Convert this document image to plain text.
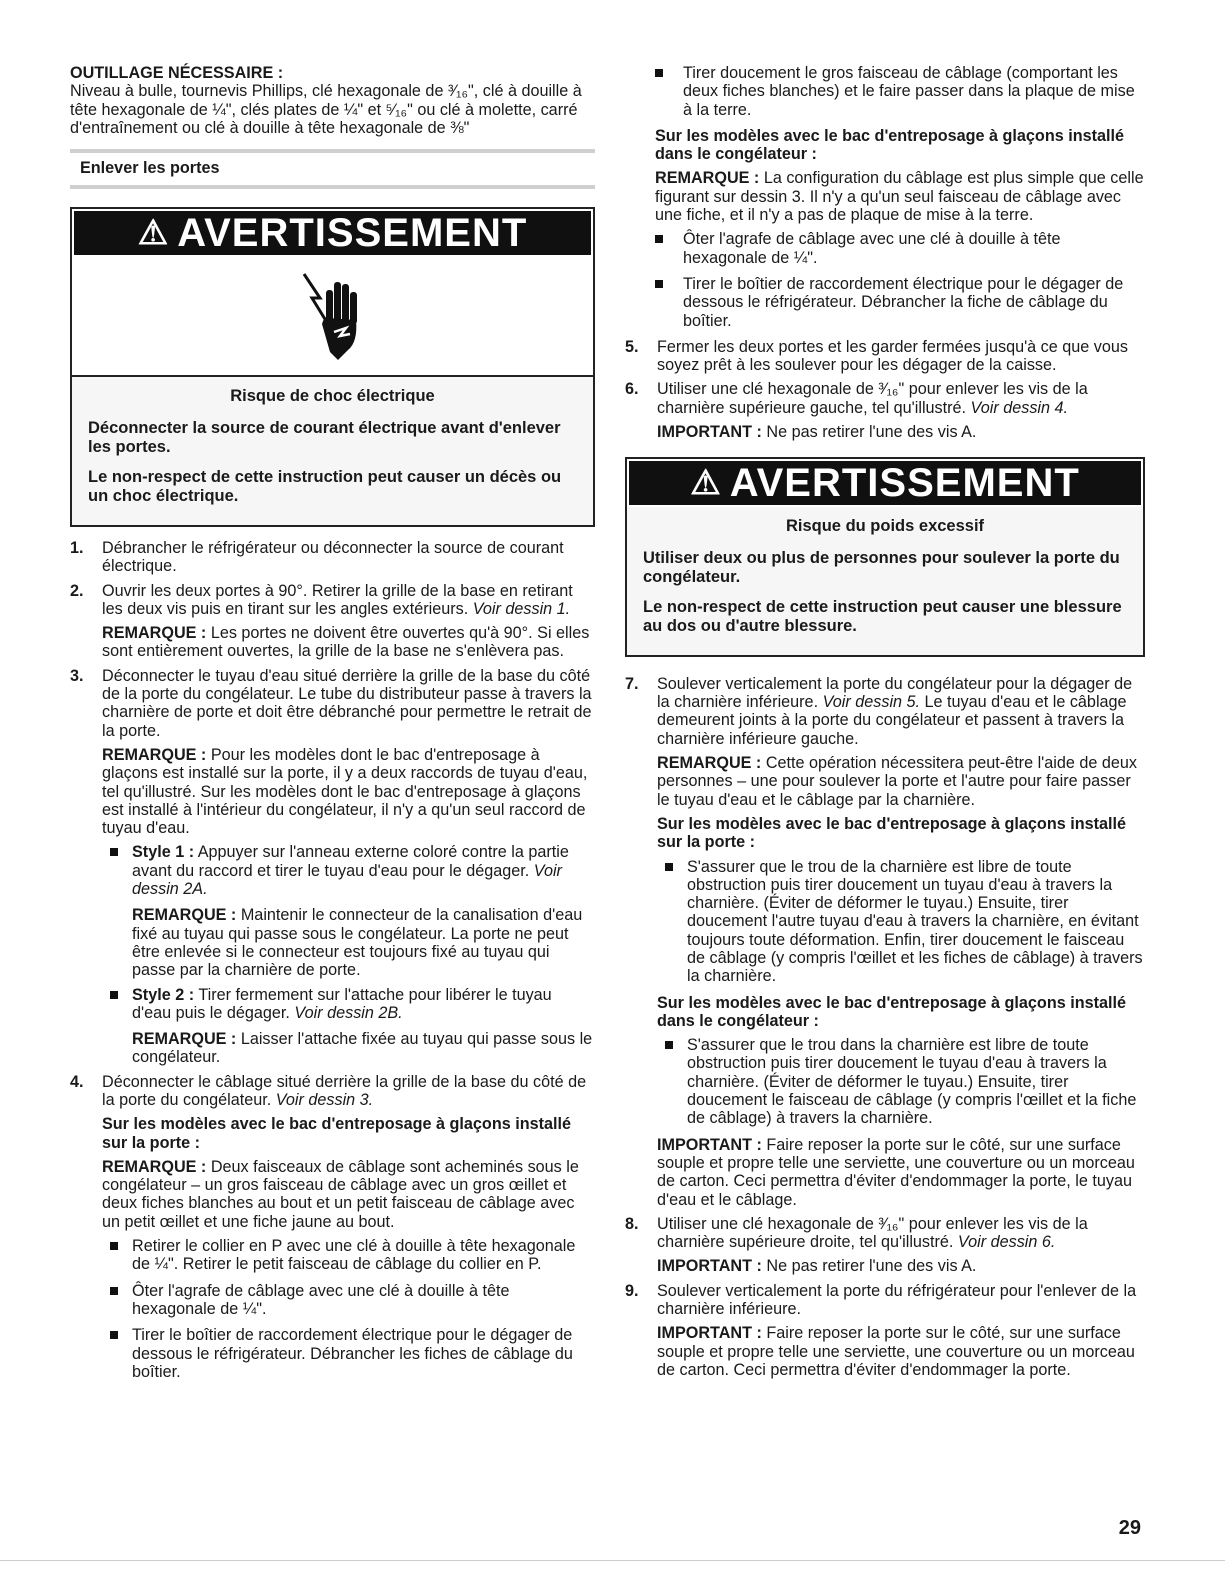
OUTILLAGE NÉCESSAIRE :

Niveau à bulle, tournevis Phillips, clé hexagonale de ³⁄₁₆", clé à douille à tête hexagonale de ¼", clés plates de ¼" et ⁵⁄₁₆" ou clé à molette, carré d'entraînement ou clé à douille à tête hexagonale de ⅜"

Enlever les portes
⚠ AVERTISSEMENT

Risque de choc électrique

Déconnecter la source de courant électrique avant d'enlever les portes.

Le non-respect de cette instruction peut causer un décès ou un choc électrique.

1. Débrancher le réfrigérateur ou déconnecter la source de courant électrique.
2. Ouvrir les deux portes à 90°. Retirer la grille de la base en retirant les deux vis puis en tirant sur les angles extérieurs. Voir dessin 1.
REMARQUE : Les portes ne doivent être ouvertes qu'à 90°. Si elles sont entièrement ouvertes, la grille de la base ne s'enlèvera pas.
3. Déconnecter le tuyau d'eau situé derrière la grille de la base du côté de la porte du congélateur. Le tube du distributeur passe à travers la charnière de porte et doit être débranché pour permettre le retrait de la porte.
REMARQUE : Pour les modèles dont le bac d'entreposage à glaçons est installé sur la porte, il y a deux raccords de tuyau d'eau, tel qu'illustré. Sur les modèles dont le bac d'entreposage à glaçons est installé à l'intérieur du congélateur, il n'y a qu'un seul raccord de tuyau d'eau.
Style 1 : Appuyer sur l'anneau externe coloré contre la partie avant du raccord et tirer le tuyau d'eau pour le dégager. Voir dessin 2A.
REMARQUE : Maintenir le connecteur de la canalisation d'eau fixé au tuyau qui passe sous le congélateur. La porte ne peut être enlevée si le connecteur est toujours fixé au tuyau qui passe par la charnière de porte.
Style 2 : Tirer fermement sur l'attache pour libérer le tuyau d'eau puis le dégager. Voir dessin 2B.
REMARQUE : Laisser l'attache fixée au tuyau qui passe sous le congélateur.
4. Déconnecter le câblage situé derrière la grille de la base du côté de la porte du congélateur. Voir dessin 3.
Sur les modèles avec le bac d'entreposage à glaçons installé sur la porte :
REMARQUE : Deux faisceaux de câblage sont acheminés sous le congélateur – un gros faisceau de câblage avec un gros œillet et deux fiches blanches au bout et un petit faisceau de câblage avec un petit œillet et une fiche jaune au bout.
Retirer le collier en P avec une clé à douille à tête hexagonale de ¼". Retirer le petit faisceau de câblage du collier en P.
Ôter l'agrafe de câblage avec une clé à douille à tête hexagonale de ¼".
Tirer le boîtier de raccordement électrique pour le dégager de dessous le réfrigérateur. Débrancher les fiches de câblage du boîtier.
Tirer doucement le gros faisceau de câblage (comportant les deux fiches blanches) et le faire passer dans la plaque de mise à la terre.
Sur les modèles avec le bac d'entreposage à glaçons installé dans le congélateur :
REMARQUE : La configuration du câblage est plus simple que celle figurant sur dessin 3. Il n'y a qu'un seul faisceau de câblage avec une fiche, et il n'y a pas de plaque de mise à la terre.
Ôter l'agrafe de câblage avec une clé à douille à tête hexagonale de ¼".
Tirer le boîtier de raccordement électrique pour le dégager de dessous le réfrigérateur. Débrancher la fiche de câblage du boîtier.
5. Fermer les deux portes et les garder fermées jusqu'à ce que vous soyez prêt à les soulever pour les dégager de la caisse.
6. Utiliser une clé hexagonale de ³⁄₁₆" pour enlever les vis de la charnière supérieure gauche, tel qu'illustré. Voir dessin 4.
IMPORTANT : Ne pas retirer l'une des vis A.
⚠ AVERTISSEMENT

Risque du poids excessif

Utiliser deux ou plus de personnes pour soulever la porte du congélateur.

Le non-respect de cette instruction peut causer une blessure au dos ou d'autre blessure.

7. Soulever verticalement la porte du congélateur pour la dégager de la charnière inférieure. Voir dessin 5. Le tuyau d'eau et le câblage demeurent joints à la porte du congélateur et passent à travers la charnière inférieure gauche.
REMARQUE : Cette opération nécessitera peut-être l'aide de deux personnes – une pour soulever la porte et l'autre pour faire passer le tuyau d'eau et le câblage par la charnière.
Sur les modèles avec le bac d'entreposage à glaçons installé sur la porte :
S'assurer que le trou de la charnière est libre de toute obstruction puis tirer doucement un tuyau d'eau à travers la charnière. (Éviter de déformer le tuyau.) Ensuite, tirer doucement l'autre tuyau d'eau à travers la charnière, en évitant toujours toute déformation. Enfin, tirer doucement le faisceau de câblage (y compris l'œillet et les fiches de câblage) à travers la charnière.
Sur les modèles avec le bac d'entreposage à glaçons installé dans le congélateur :
S'assurer que le trou dans la charnière est libre de toute obstruction puis tirer doucement le tuyau d'eau à travers la charnière. (Éviter de déformer le tuyau.) Ensuite, tirer doucement le faisceau de câblage (y compris l'œillet et la fiche de câblage) à travers la charnière.
IMPORTANT : Faire reposer la porte sur le côté, sur une surface souple et propre telle une serviette, une couverture ou un morceau de carton. Ceci permettra d'éviter d'endommager la porte, le tuyau d'eau et le câblage.
8. Utiliser une clé hexagonale de ³⁄₁₆" pour enlever les vis de la charnière supérieure droite, tel qu'illustré. Voir dessin 6.
IMPORTANT : Ne pas retirer l'une des vis A.
9. Soulever verticalement la porte du réfrigérateur pour l'enlever de la charnière inférieure.
IMPORTANT : Faire reposer la porte sur le côté, sur une surface souple et propre telle une serviette, une couverture ou un morceau de carton. Ceci permettra d'éviter d'endommager la porte.
29
